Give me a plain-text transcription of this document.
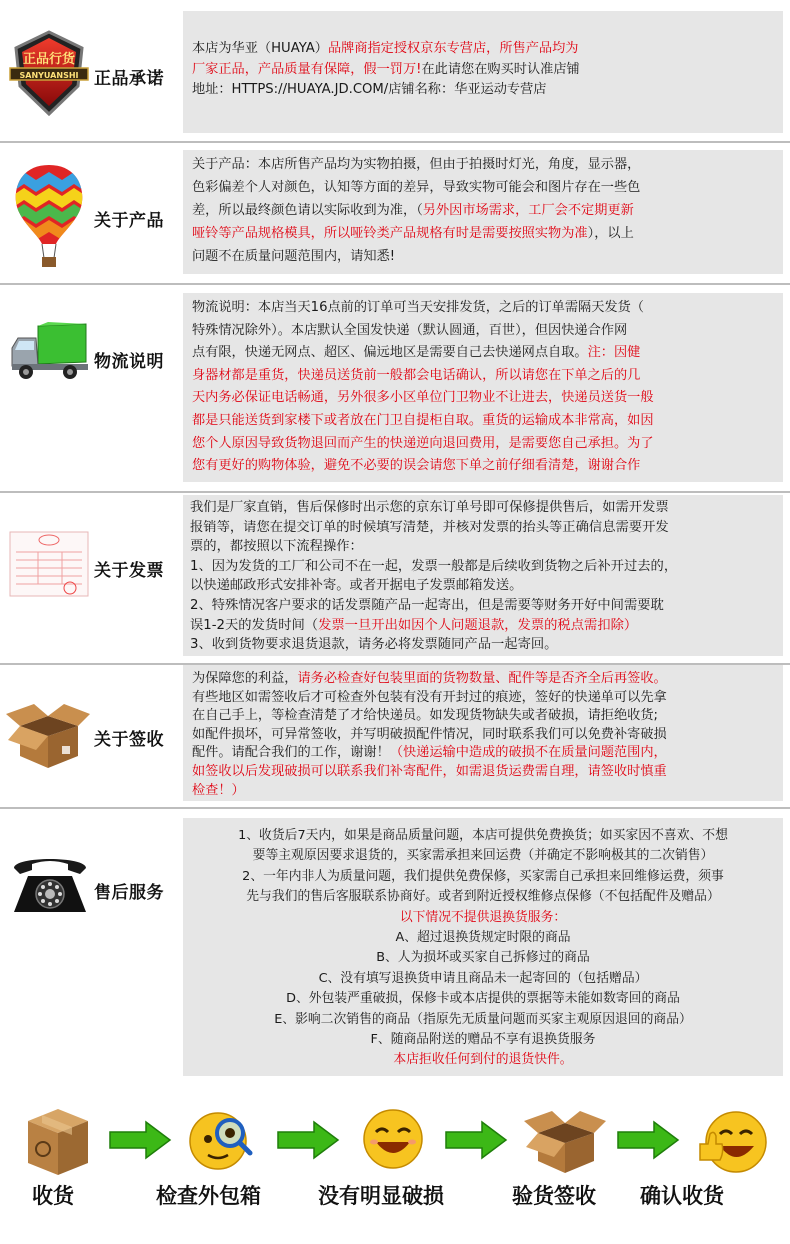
正品行货
SANYUANSHI 正品承诺

本店为华亚（HUAYA）品牌商指定授权京东专营店，所售产品均为

厂家正品，产品质量有保障，假一罚万!在此请您在购买时认准店铺

地址：HTTPS://HUAYA.JD.COM/店铺名称：华亚运动专营店

关于产品

关于产品：本店所售产品均为实物拍摄，但由于拍摄时灯光，角度，显示器，

色彩偏差个人对颜色，认知等方面的差异，导致实物可能会和图片存在一些色

差，所以最终颜色请以实际收到为准，（另外因市场需求，工厂会不定期更新

哑铃等产品规格模具，所以哑铃类产品规格有时是需要按照实物为准），以上

问题不在质量问题范围内，请知悉!

物流说明

物流说明：本店当天16点前的订单可当天安排发货，之后的订单需隔天发货（

特殊情况除外）。本店默认全国发快递（默认圆通，百世），但因快递合作网

点有限，快递无网点、超区、偏远地区是需要自己去快递网点自取。注：因健

身器材都是重货，快递员送货前一般都会电话确认，所以请您在下单之后的几

天内务必保证电话畅通，另外很多小区单位门卫物业不让进去，快递员送货一般

都是只能送货到家楼下或者放在门卫自提柜自取。重货的运输成本非常高，如因

您个人原因导致货物退回而产生的快递逆向退回费用，是需要您自己承担。为了

您有更好的购物体验，避免不必要的误会请您下单之前仔细看清楚，谢谢合作

关于发票

我们是厂家直销，售后保修时出示您的京东订单号即可保修提供售后，如需开发票

报销等，请您在提交订单的时候填写清楚，并核对发票的抬头等正确信息需要开发

票的，都按照以下流程操作：

1、因为发货的工厂和公司不在一起，发票一般都是后续收到货物之后补开过去的，

以快递邮政形式安排补寄。或者开据电子发票邮箱发送。

2、特殊情况客户要求的话发票随产品一起寄出，但是需要等财务开好中间需要耽

误1-2天的发货时间（发票一旦开出如因个人问题退款，发票的税点需扣除）

3、收到货物要求退货退款，请务必将发票随同产品一起寄回。

关于签收

为保障您的利益，请务必检查好包装里面的货物数量、配件等是否齐全后再签收。

有些地区如需签收后才可检查外包装有没有开封过的痕迹，签好的快递单可以先拿

在自己手上，等检查清楚了才给快递员。如发现货物缺失或者破损，请拒绝收货;

如配件损坏，可异常签收，并写明破损配件情况，同时联系我们可以免费补寄破损

配件。请配合我们的工作，谢谢！（快递运输中造成的破损不在质量问题范围内，

如签收以后发现破损可以联系我们补寄配件，如需退货运费需自理，请签收时慎重

检查！）

售后服务

1、收货后7天内，如果是商品质量问题，本店可提供免费换货；如买家因不喜欢、不想

要等主观原因要求退货的，买家需承担来回运费（并确定不影响极其的二次销售）

2、一年内非人为质量问题，我们提供免费保修，买家需自己承担来回维修运费，须事

先与我们的售后客服联系协商好。或者到附近授权维修点保修（不包括配件及赠品）

以下情况不提供退换货服务：

A、超过退换货规定时限的商品

B、人为损坏或买家自己拆修过的商品

C、没有填写退换货申请且商品未一起寄回的（包括赠品）

D、外包装严重破损，保修卡或本店提供的票据等未能如数寄回的商品

E、影响二次销售的商品（指原先无质量问题而买家主观原因退回的商品）

F、随商品附送的赠品不享有退换货服务

本店拒收任何到付的退货快件。

收货	检查外包箱	没有明显破损	验货签收 确认收货
